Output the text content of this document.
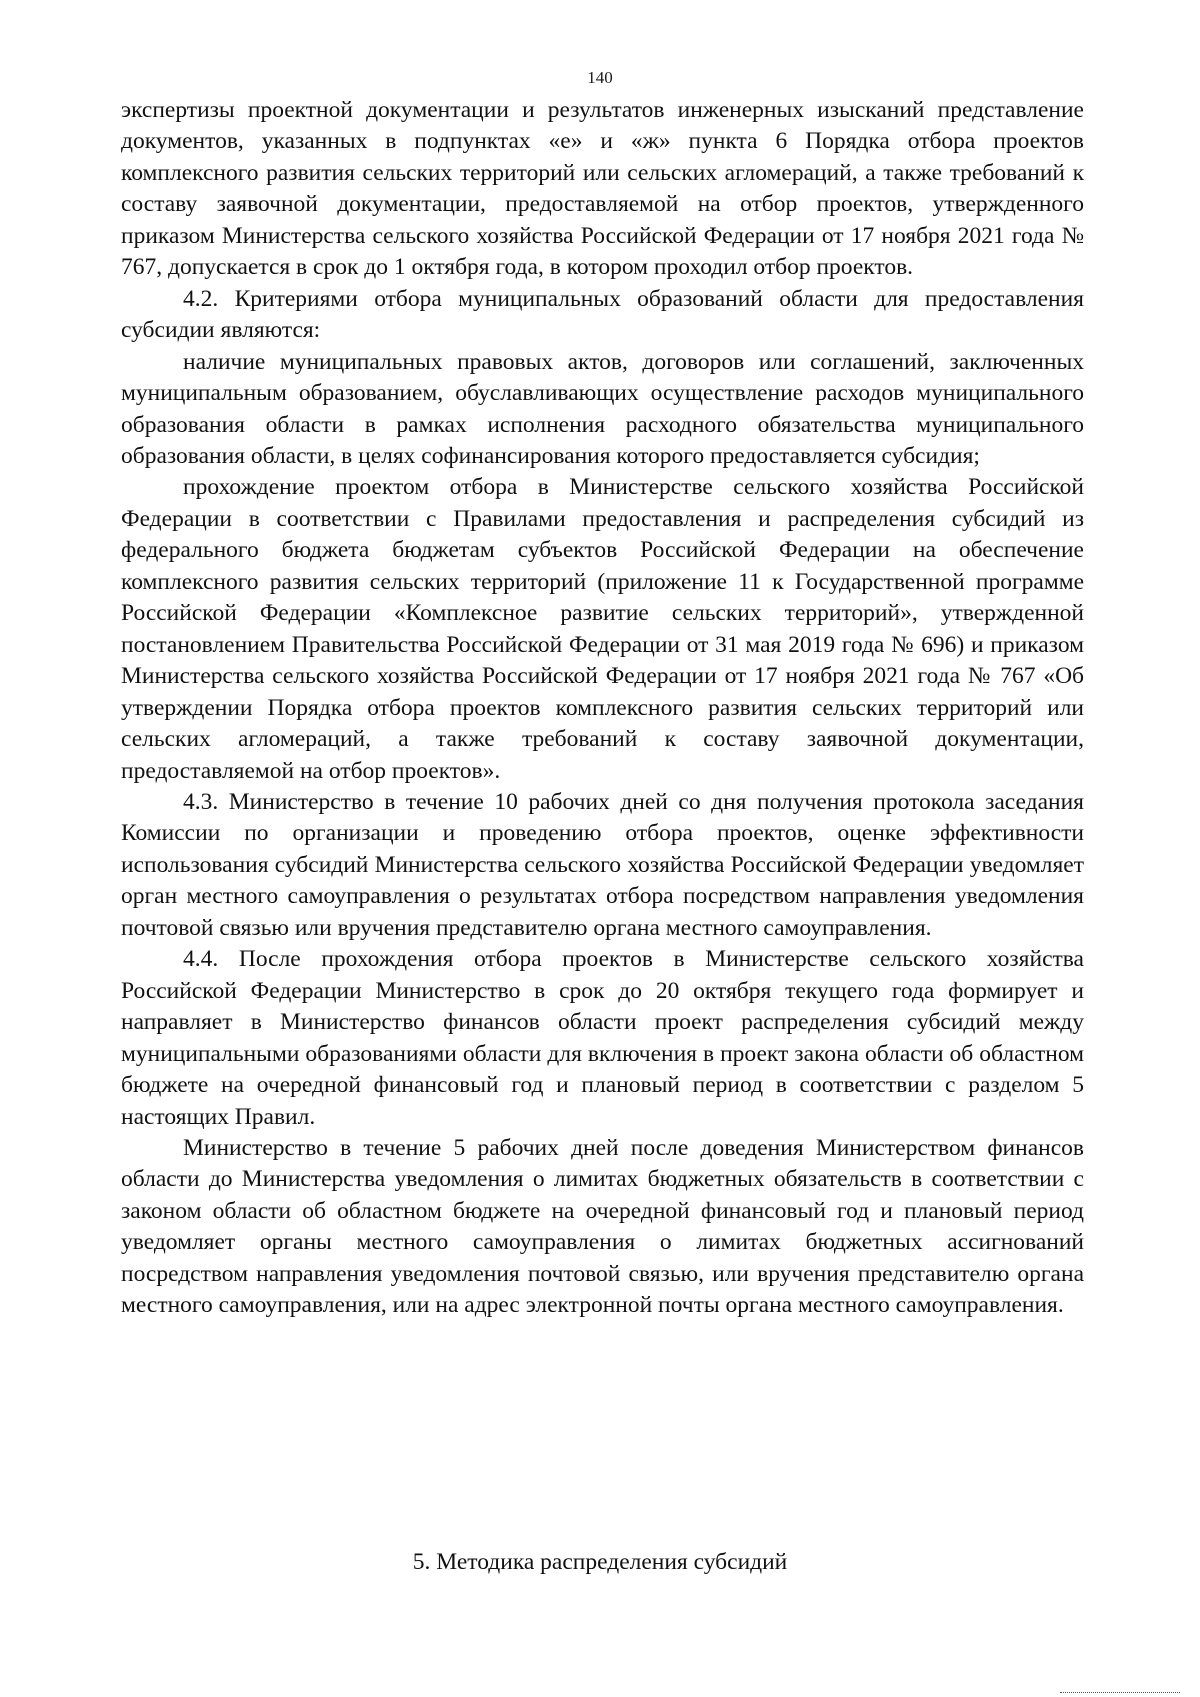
140

экспертизы проектной документации и результатов инженерных изысканий представление документов, указанных в подпунктах «е» и «ж» пункта 6 Порядка отбора проектов комплексного развития сельских территорий или сельских агломераций, а также требований к составу заявочной документации, предоставляемой на отбор проектов, утвержденного приказом Министерства сельского хозяйства Российской Федерации от 17 ноября 2021 года № 767, допускается в срок до 1 октября года, в котором проходил отбор проектов.

4.2. Критериями отбора муниципальных образований области для предоставления субсидии являются:

наличие муниципальных правовых актов, договоров или соглашений, заключенных муниципальным образованием, обуславливающих осуществление расходов муниципального образования области в рамках исполнения расходного обязательства муниципального образования области, в целях софинансирования которого предоставляется субсидия;

прохождение проектом отбора в Министерстве сельского хозяйства Российской Федерации в соответствии с Правилами предоставления и распределения субсидий из федерального бюджета бюджетам субъектов Российской Федерации на обеспечение комплексного развития сельских территорий (приложение 11 к Государственной программе Российской Федерации «Комплексное развитие сельских территорий», утвержденной постановлением Правительства Российской Федерации от 31 мая 2019 года № 696) и приказом Министерства сельского хозяйства Российской Федерации от 17 ноября 2021 года № 767 «Об утверждении Порядка отбора проектов комплексного развития сельских территорий или сельских агломераций, а также требований к составу заявочной документации, предоставляемой на отбор проектов».

4.3. Министерство в течение 10 рабочих дней со дня получения протокола заседания Комиссии по организации и проведению отбора проектов, оценке эффективности использования субсидий Министерства сельского хозяйства Российской Федерации уведомляет орган местного самоуправления о результатах отбора посредством направления уведомления почтовой связью или вручения представителю органа местного самоуправления.

4.4. После прохождения отбора проектов в Министерстве сельского хозяйства Российской Федерации Министерство в срок до 20 октября текущего года формирует и направляет в Министерство финансов области проект распределения субсидий между муниципальными образованиями области для включения в проект закона области об областном бюджете на очередной финансовый год и плановый период в соответствии с разделом 5 настоящих Правил.

Министерство в течение 5 рабочих дней после доведения Министерством финансов области до Министерства уведомления о лимитах бюджетных обязательств в соответствии с законом области об областном бюджете на очередной финансовый год и плановый период уведомляет органы местного самоуправления о лимитах бюджетных ассигнований посредством направления уведомления почтовой связью, или вручения представителю органа местного самоуправления, или на адрес электронной почты органа местного самоуправления.

5. Методика распределения субсидий
